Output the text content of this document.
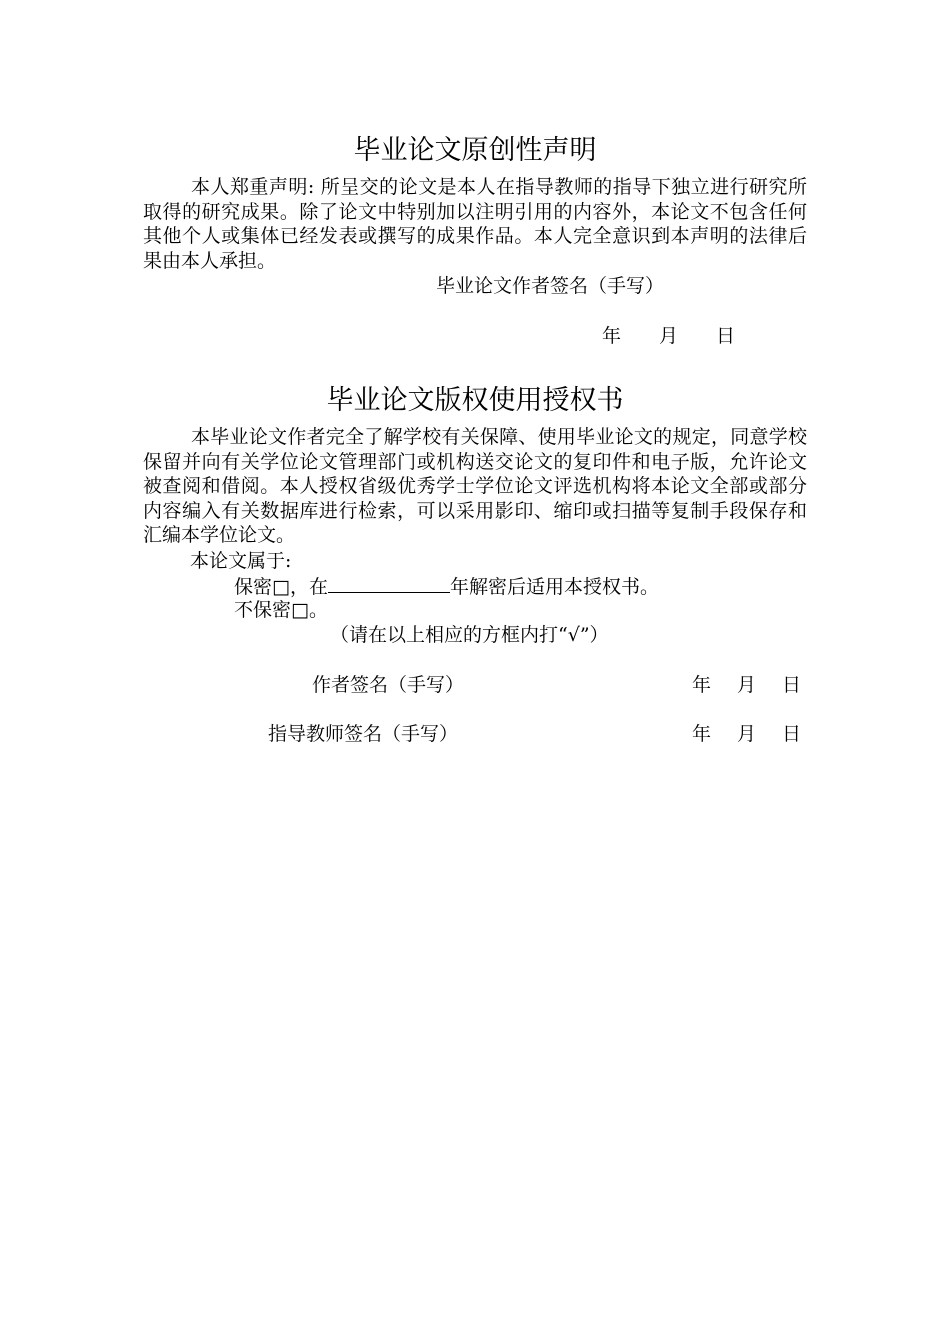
毕业论文原创性声明

本人郑重声明: 所呈交的论文是本人在指导教师的指导下独立进行研究所取得的研究成果。除了论文中特别加以注明引用的内容外，本论文不包含任何其他个人或集体已经发表或撰写的成果作品。本人完全意识到本声明的法律后果由本人承担。

毕业论文作者签名（手写）
年 月 日
毕业论文版权使用授权书

本毕业论文作者完全了解学校有关保障、使用毕业论文的规定，同意学校保留并向有关学位论文管理部门或机构送交论文的复印件和电子版，允许论文被查阅和借阅。本人授权省级优秀学士学位论文评选机构将本论文全部或部分内容编入有关数据库进行检索，可以采用影印、缩印或扫描等复制手段保存和汇编本学位论文。

本论文属于:
保密□，在	年解密后适用本授权书。
不保密□。
（请在以上相应的方框内打“√”）
作者签名（手写）	年 月 日
指导教师签名（手写）	年 月 日
